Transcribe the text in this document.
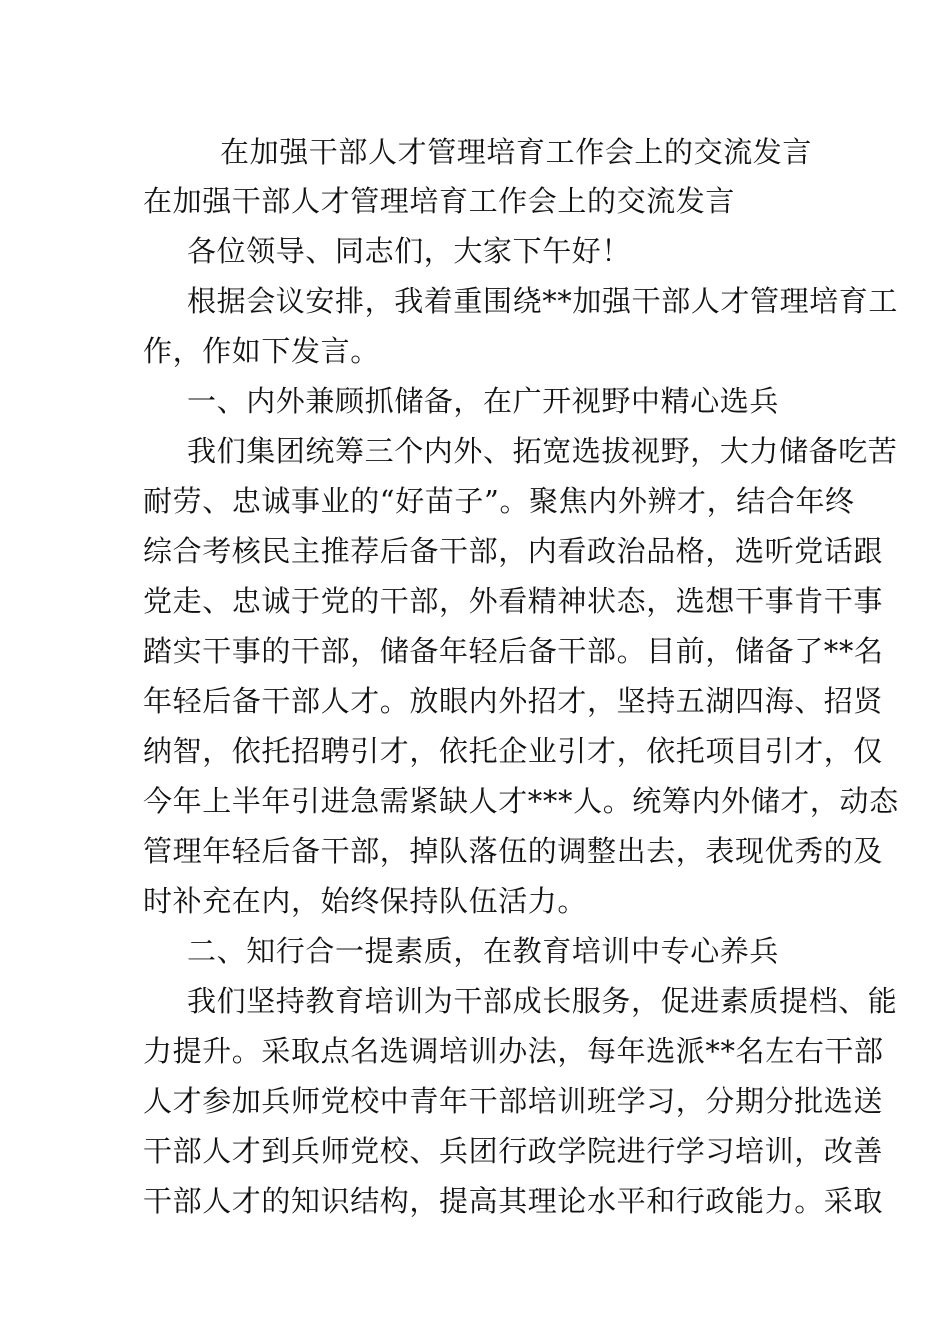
在加强干部人才管理培育工作会上的交流发言
在加强干部人才管理培育工作会上的交流发言
各位领导、同志们，大家下午好！
根据会议安排，我着重围绕**加强干部人才管理培育工
作，作如下发言。
一、内外兼顾抓储备，在广开视野中精心选兵
我们集团统筹三个内外、拓宽选拔视野，大力储备吃苦
耐劳、忠诚事业的“好苗子”。聚焦内外辨才，结合年终
综合考核民主推荐后备干部，内看政治品格，选听党话跟
党走、忠诚于党的干部，外看精神状态，选想干事肯干事
踏实干事的干部，储备年轻后备干部。目前，储备了**名
年轻后备干部人才。放眼内外招才，坚持五湖四海、招贤
纳智，依托招聘引才，依托企业引才，依托项目引才，仅
今年上半年引进急需紧缺人才***人。统筹内外储才，动态
管理年轻后备干部，掉队落伍的调整出去，表现优秀的及
时补充在内，始终保持队伍活力。
二、知行合一提素质，在教育培训中专心养兵
我们坚持教育培训为干部成长服务，促进素质提档、能
力提升。采取点名选调培训办法，每年选派**名左右干部
人才参加兵师党校中青年干部培训班学习，分期分批选送
干部人才到兵师党校、兵团行政学院进行学习培训，改善
干部人才的知识结构，提高其理论水平和行政能力。采取
